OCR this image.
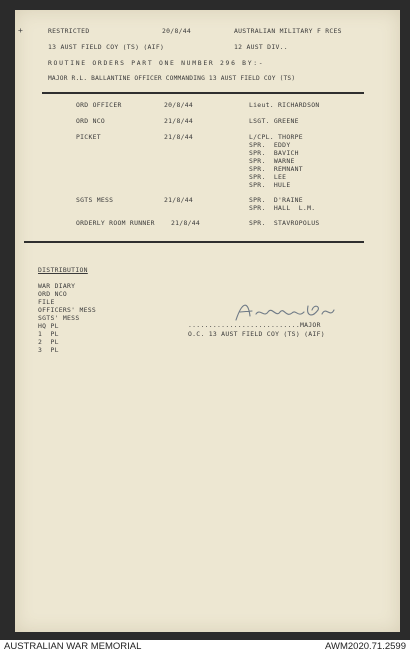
+	RESTRICTED	20/8/44	AUSTRALIAN MILITARY F RCES
13 AUST FIELD COY (TS) (AIF)	12 AUST DIV..
ROUTINE ORDERS PART ONE NUMBER 296 BY:-
MAJOR R.L. BALLANTINE OFFICER COMMANDING 13 AUST FIELD COY (TS)
ORD OFFICER	20/8/44	Lieut. RICHARDSON
ORD NCO	21/8/44	LSGT. GREENE
PICKET	21/8/44	L/CPL. THORPE
SPR.  EDDY
SPR.  BAVICH
SPR.  WARNE
SPR.  REMNANT
SPR.  LEE
SPR.  HULE
SGTS MESS	21/8/44	SPR.  D'RAINE
SPR.  HALL  L.M.
ORDERLY ROOM RUNNER	21/8/44	SPR.  STAVROPOLUS
DISTRIBUTION
WAR DIARY
ORD NCO
FILE
OFFICERS' MESS
SGTS' MESS
HQ PL
1  PL
2  PL
3  PL
...........................MAJOR
O.C. 13 AUST FIELD COY (TS) (AIF)
AUSTRALIAN WAR MEMORIAL	AWM2020.71.2599
